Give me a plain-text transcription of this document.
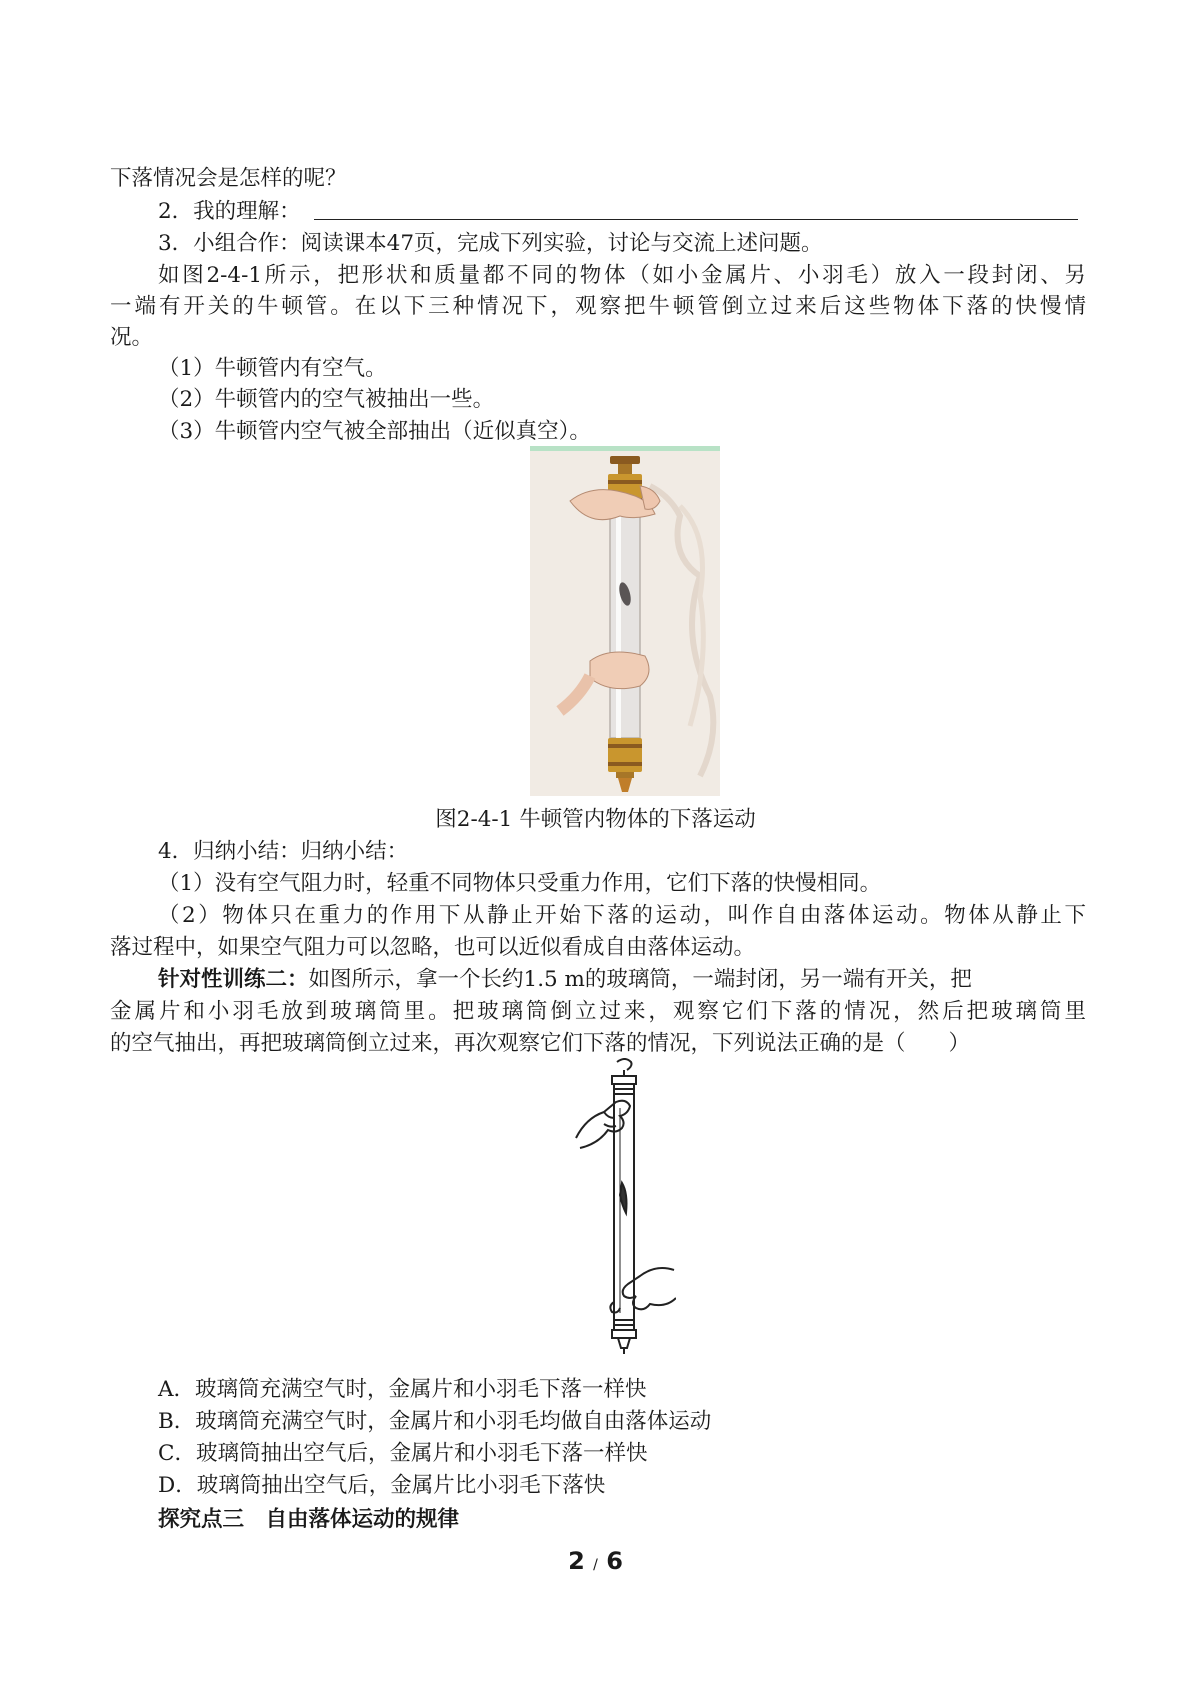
下落情况会是怎样的呢？
2．我的理解：
3．小组合作：阅读课本47页，完成下列实验，讨论与交流上述问题。
如图2-4-1所示，把形状和质量都不同的物体（如小金属片、小羽毛）放入一段封闭、另
一端有开关的牛顿管。在以下三种情况下，观察把牛顿管倒立过来后这些物体下落的快慢情
况。
（1）牛顿管内有空气。
（2）牛顿管内的空气被抽出一些。
（3）牛顿管内空气被全部抽出（近似真空）。
图2-4-1 牛顿管内物体的下落运动
4．归纳小结：归纳小结：
（1）没有空气阻力时，轻重不同物体只受重力作用，它们下落的快慢相同。
（2）物体只在重力的作用下从静止开始下落的运动，叫作自由落体运动。物体从静止下
落过程中，如果空气阻力可以忽略，也可以近似看成自由落体运动。
针对性训练二：如图所示，拿一个长约1.5 m的玻璃筒，一端封闭，另一端有开关，把
金属片和小羽毛放到玻璃筒里。把玻璃筒倒立过来，观察它们下落的情况，然后把玻璃筒里
的空气抽出，再把玻璃筒倒立过来，再次观察它们下落的情况，下列说法正确的是（　　）
A．玻璃筒充满空气时，金属片和小羽毛下落一样快
B．玻璃筒充满空气时，金属片和小羽毛均做自由落体运动
C．玻璃筒抽出空气后，金属片和小羽毛下落一样快
D．玻璃筒抽出空气后，金属片比小羽毛下落快
探究点三　自由落体运动的规律
2 / 6
